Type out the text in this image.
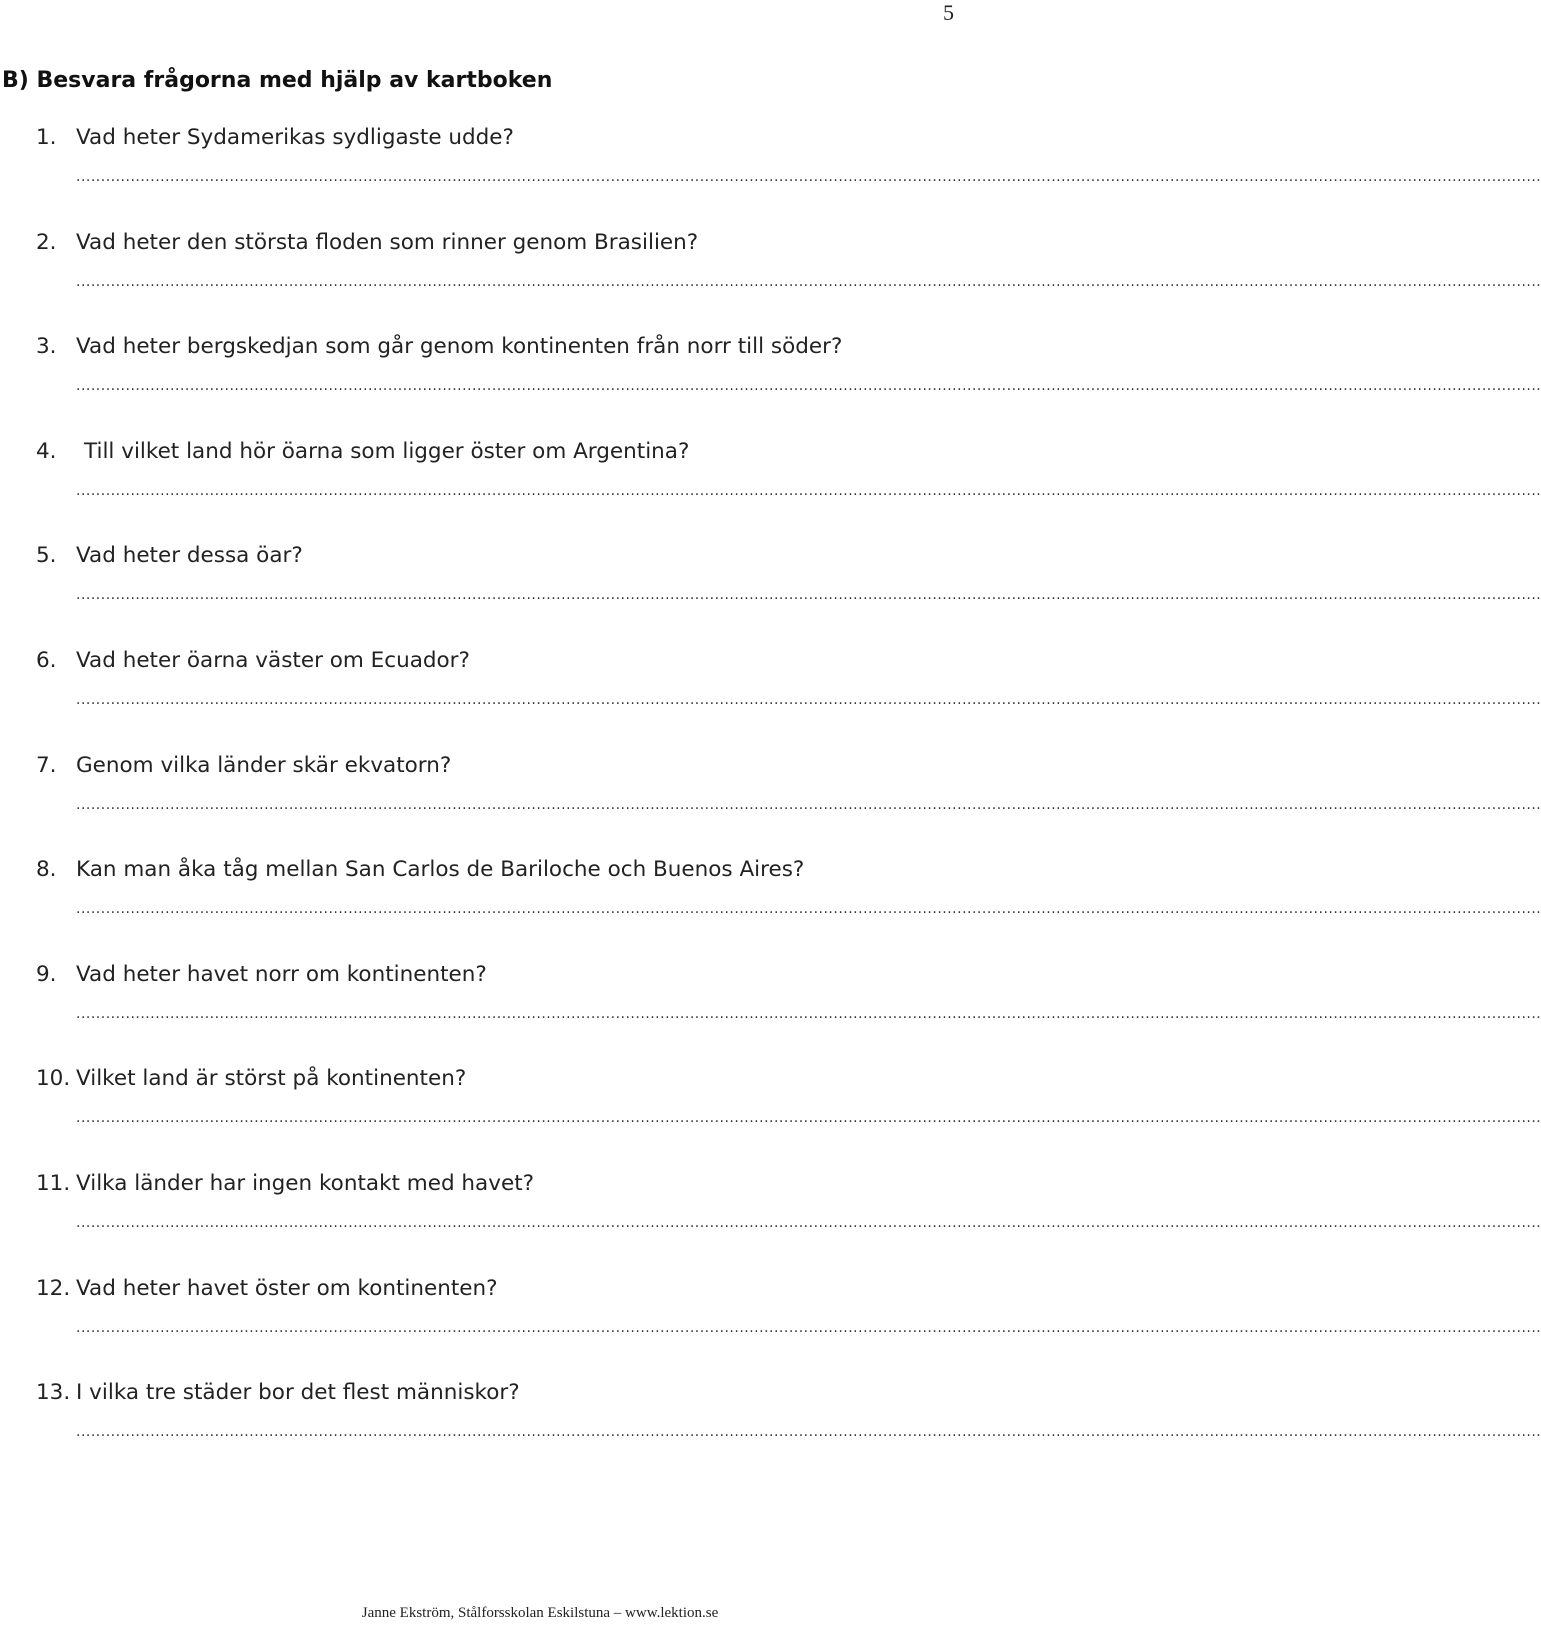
5
B) Besvara frågorna med hjälp av kartboken
1. Vad heter Sydamerikas sydligaste udde?
........................................................................................................................................................................................................................................................................................................
2. Vad heter den största floden som rinner genom Brasilien?
........................................................................................................................................................................................................................................................................................................
3. Vad heter bergskedjan som går genom kontinenten från norr till söder?
........................................................................................................................................................................................................................................................................................................
4. Till vilket land hör öarna som ligger öster om Argentina?
........................................................................................................................................................................................................................................................................................................
5. Vad heter dessa öar?
........................................................................................................................................................................................................................................................................................................
6. Vad heter öarna väster om Ecuador?
........................................................................................................................................................................................................................................................................................................
7. Genom vilka länder skär ekvatorn?
........................................................................................................................................................................................................................................................................................................
8. Kan man åka tåg mellan San Carlos de Bariloche och Buenos Aires?
........................................................................................................................................................................................................................................................................................................
9. Vad heter havet norr om kontinenten?
........................................................................................................................................................................................................................................................................................................
10. Vilket land är störst på kontinenten?
........................................................................................................................................................................................................................................................................................................
11. Vilka länder har ingen kontakt med havet?
........................................................................................................................................................................................................................................................................................................
12. Vad heter havet öster om kontinenten?
........................................................................................................................................................................................................................................................................................................
13. I vilka tre städer bor det flest människor?
........................................................................................................................................................................................................................................................................................................
Janne Ekström, Stålforsskolan Eskilstuna – www.lektion.se
